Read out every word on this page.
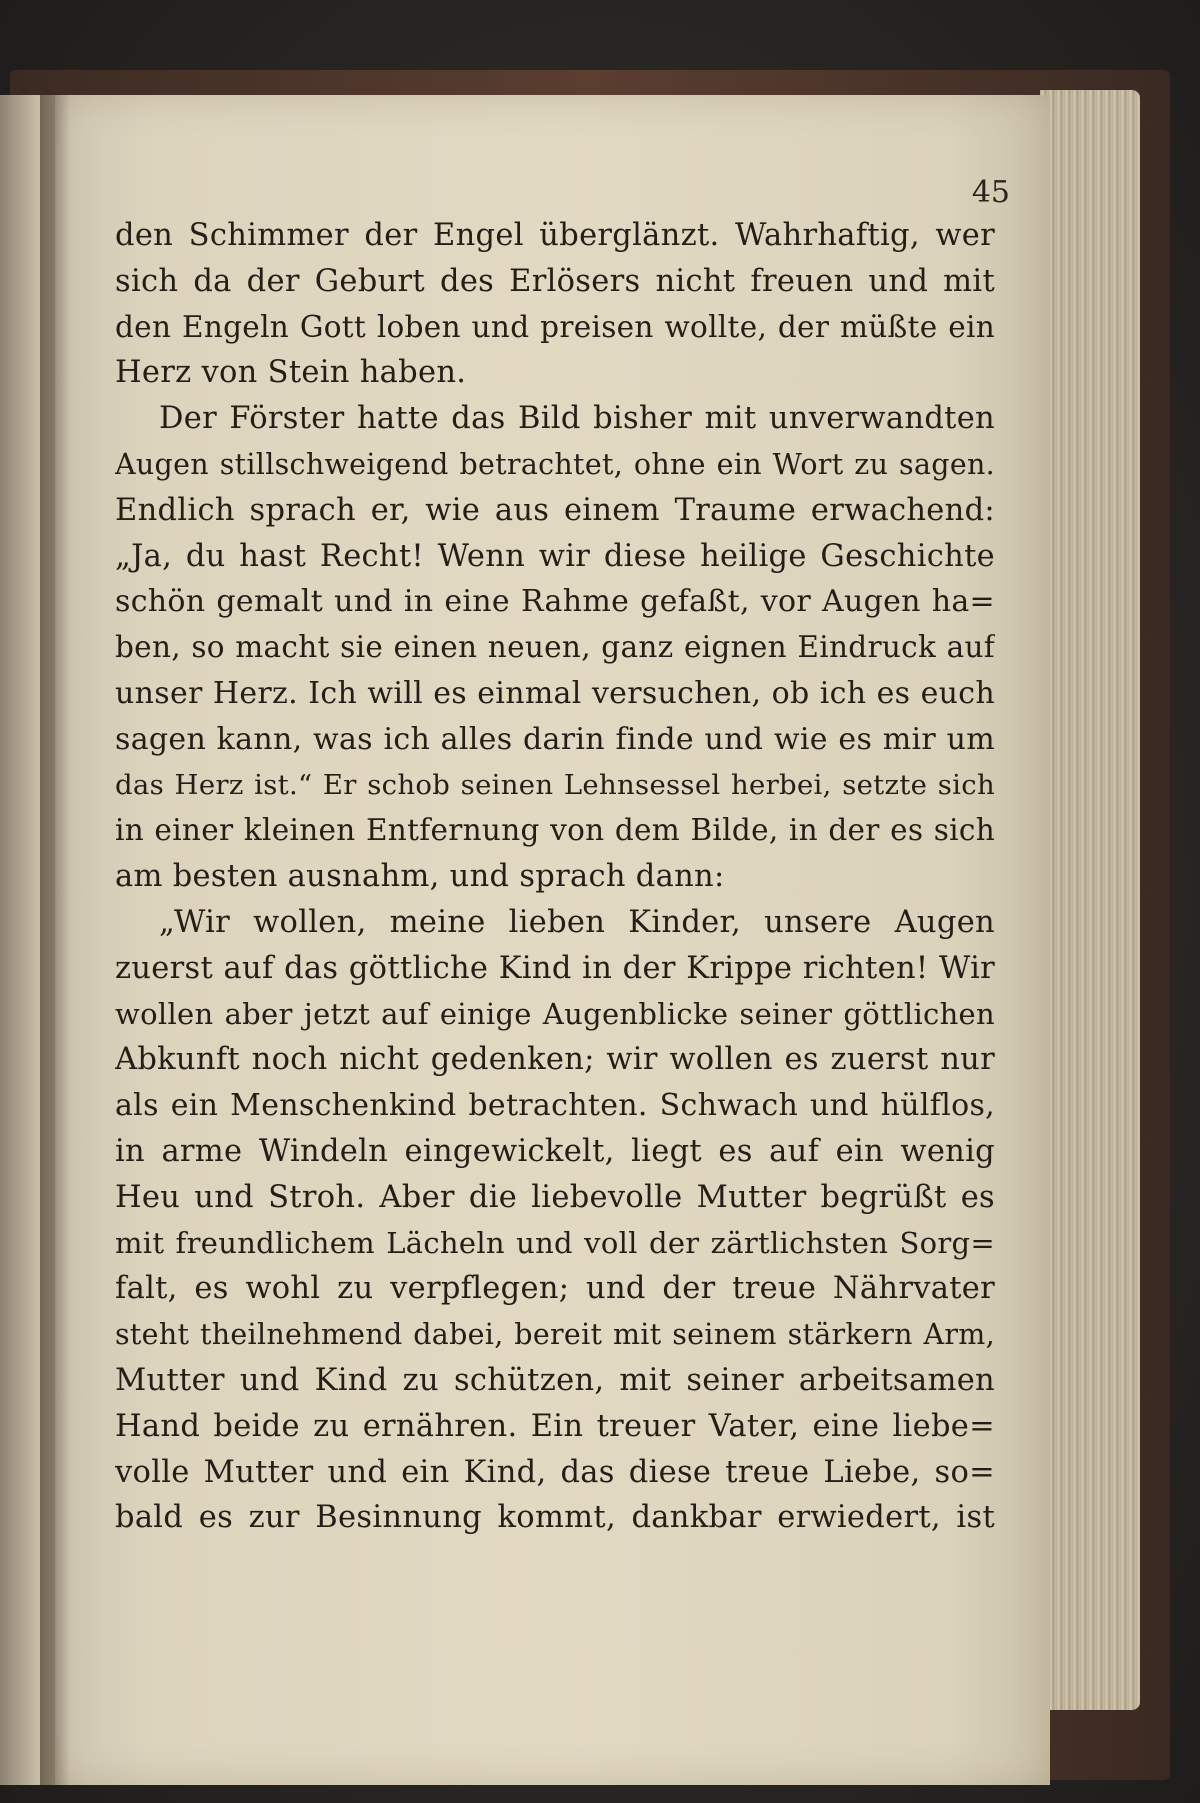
45
den Schimmer der Engel überglänzt. Wahrhaftig, wer
sich da der Geburt des Erlösers nicht freuen und mit
den Engeln Gott loben und preisen wollte, der müßte ein
Herz von Stein haben.
Der Förster hatte das Bild bisher mit unverwandten
Augen stillschweigend betrachtet, ohne ein Wort zu sagen.
Endlich sprach er, wie aus einem Traume erwachend:
„Ja, du hast Recht! Wenn wir diese heilige Geschichte
schön gemalt und in eine Rahme gefaßt, vor Augen ha=
ben, so macht sie einen neuen, ganz eignen Eindruck auf
unser Herz. Ich will es einmal versuchen, ob ich es euch
sagen kann, was ich alles darin finde und wie es mir um
das Herz ist.“ Er schob seinen Lehnsessel herbei, setzte sich
in einer kleinen Entfernung von dem Bilde, in der es sich
am besten ausnahm, und sprach dann:
„Wir wollen, meine lieben Kinder, unsere Augen
zuerst auf das göttliche Kind in der Krippe richten! Wir
wollen aber jetzt auf einige Augenblicke seiner göttlichen
Abkunft noch nicht gedenken; wir wollen es zuerst nur
als ein Menschenkind betrachten. Schwach und hülflos,
in arme Windeln eingewickelt, liegt es auf ein wenig
Heu und Stroh. Aber die liebevolle Mutter begrüßt es
mit freundlichem Lächeln und voll der zärtlichsten Sorg=
falt, es wohl zu verpflegen; und der treue Nährvater
steht theilnehmend dabei, bereit mit seinem stärkern Arm,
Mutter und Kind zu schützen, mit seiner arbeitsamen
Hand beide zu ernähren. Ein treuer Vater, eine liebe=
volle Mutter und ein Kind, das diese treue Liebe, so=
bald es zur Besinnung kommt, dankbar erwiedert, ist
